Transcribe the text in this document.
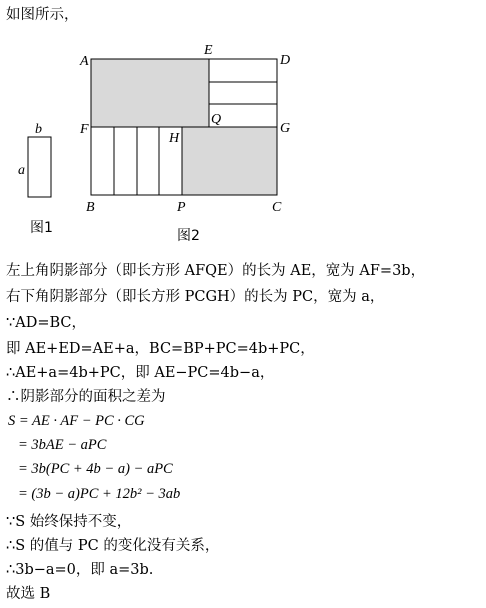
如图所示，
b
a
图1
A
E
D
F
Q
H
G
B	P	C
图2
左上角阴影部分（即长方形 AFQE）的长为 AE，宽为 AF=3b，
右下角阴影部分（即长方形 PCGH）的长为 PC，宽为 a，
∵AD=BC，
即 AE+ED=AE+a，BC=BP+PC=4b+PC，
∴AE+a=4b+PC，即 AE−PC=4b−a，
∴阴影部分的面积之差为
S = AE · AF − PC · CG
= 3bAE − aPC
= 3b(PC + 4b − a) − aPC
= (3b − a)PC + 12b² − 3ab
∵S 始终保持不变，
∴S 的值与 PC 的变化没有关系，
∴3b−a=0，即 a=3b.
故选 B
